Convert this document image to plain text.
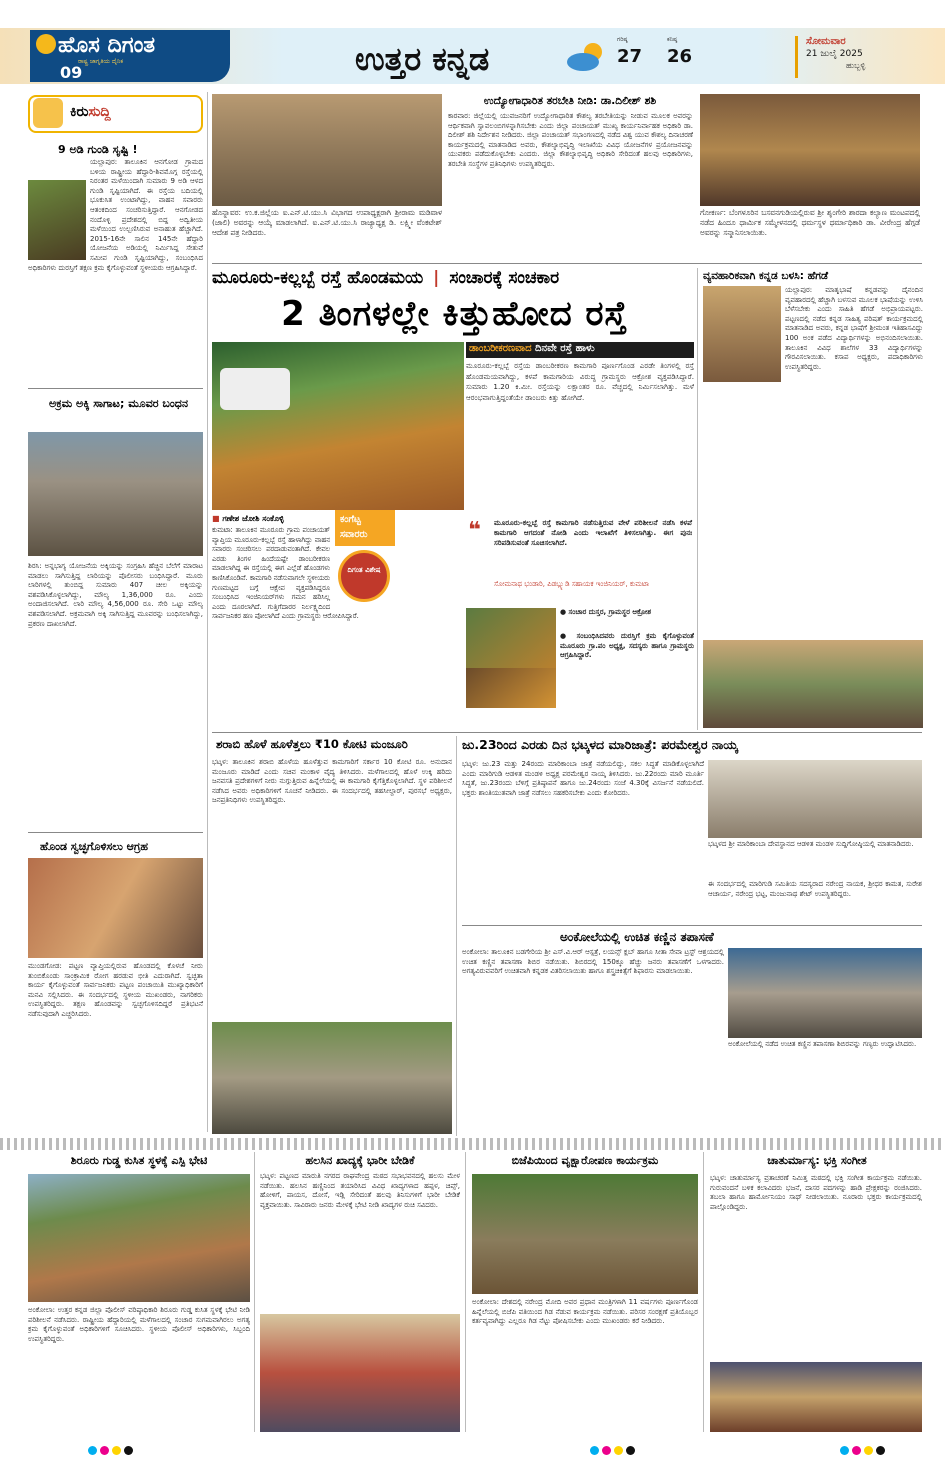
ಹೊಸ ದಿಗಂತ
ರಾಷ್ಟ್ರ ಜಾಗೃತಿಯ ದೈನಿಕ
09	ಉತ್ತರ ಕನ್ನಡ
ಗರಿಷ್ಠ
27
ಕನಿಷ್ಠ
26
ಸೋಮವಾರ
21 ಜುಲೈ 2025
ಹುಬ್ಬಳ್ಳಿ
ಕಿರುಸುದ್ದಿ
9 ಅಡಿ ಗುಂಡಿ ಸೃಷ್ಟಿ !
ಯಲ್ಲಾಪುರ: ತಾಲೂಕಿನ ಆನಗೋಡ ಗ್ರಾಮದ ಬಳಿಯ ರಾಷ್ಟ್ರೀಯ ಹೆದ್ದಾರಿ-ಶಿವಮೊಗ್ಗ ರಸ್ತೆಯಲ್ಲಿ ನಿರಂತರ ಮಳೆಯಿಂದಾಗಿ ಸುಮಾರು 9 ಅಡಿ ಆಳದ ಗುಂಡಿ ಸೃಷ್ಟಿಯಾಗಿದೆ. ಈ ರಸ್ತೆಯ ಬದಿಯಲ್ಲಿ ಭೂಕುಸಿತ ಉಂಟಾಗಿದ್ದು, ವಾಹನ ಸವಾರರು ಆತಂಕದಿಂದ ಸಂಚರಿಸುತ್ತಿದ್ದಾರೆ. ಆನಗೋಡದ ನಂದೊಳ್ಳಿ ಪ್ರದೇಶದಲ್ಲಿ ಬಿದ್ದ ಅದ್ವಿತೀಯ ಮಳೆಯಿಂದ ಉಲ್ಬಣಿಸಿರುವ ಅನಾಹುತ ಹೆಚ್ಚಾಗಿದೆ. 2015-16ನೇ ಸಾಲಿನ 145ನೇ ಹೆದ್ದಾರಿ ಯೋಜನೆಯ ಅಡಿಯಲ್ಲಿ ನಿರ್ಮಿಸಿದ್ದ ಸೇತುವೆ ಸಮೀಪ ಗುಂಡಿ ಸೃಷ್ಟಿಯಾಗಿದ್ದು, ಸಂಬಂಧಿಸಿದ ಅಧಿಕಾರಿಗಳು ದುರಸ್ತಿಗೆ ತಕ್ಷಣ ಕ್ರಮ ಕೈಗೊಳ್ಳುವಂತೆ ಸ್ಥಳೀಯರು ಆಗ್ರಹಿಸಿದ್ದಾರೆ.
ಅಕ್ರಮ ಅಕ್ಕಿ ಸಾಗಾಟ; ಮೂವರ ಬಂಧನ
ಶಿರಸಿ: ಅನ್ನಭಾಗ್ಯ ಯೋಜನೆಯ ಅಕ್ಕಿಯನ್ನು ಸಂಗ್ರಹಿಸಿ ಹೆಚ್ಚಿನ ಬೆಲೆಗೆ ಮಾರಾಟ ಮಾಡಲು ಸಾಗಿಸುತ್ತಿದ್ದ ಲಾರಿಯನ್ನು ಪೊಲೀಸರು ಬಂಧಿಸಿದ್ದಾರೆ. ಮೂರು ಲಾರಿಗಳಲ್ಲಿ ತುಂಬಿದ್ದ ಸುಮಾರು 407 ಚೀಲ ಅಕ್ಕಿಯನ್ನು ವಶಪಡಿಸಿಕೊಳ್ಳಲಾಗಿದ್ದು, ಮೌಲ್ಯ 1,36,000 ರೂ. ಎಂದು ಅಂದಾಜಿಸಲಾಗಿದೆ. ಲಾರಿ ಮೌಲ್ಯ 4,56,000 ರೂ. ಸೇರಿ ಒಟ್ಟು ಮೌಲ್ಯ ವಶಪಡಿಸಲಾಗಿದೆ. ಅಕ್ರಮವಾಗಿ ಅಕ್ಕಿ ಸಾಗಿಸುತ್ತಿದ್ದ ಮೂವರನ್ನು ಬಂಧಿಸಲಾಗಿದ್ದು, ಪ್ರಕರಣ ದಾಖಲಾಗಿದೆ.
ಹೊಂಡ ಸ್ವಚ್ಛಗೊಳಿಸಲು ಆಗ್ರಹ
ಮುಂಡಗೋಡ: ಪಟ್ಟಣ ವ್ಯಾಪ್ತಿಯಲ್ಲಿರುವ ಹೊಂಡದಲ್ಲಿ ಕೊಳಚೆ ನೀರು ತುಂಬಿಕೊಂಡು ಸಾಂಕ್ರಾಮಿಕ ರೋಗ ಹರಡುವ ಭೀತಿ ಎದುರಾಗಿದೆ. ಸ್ವಚ್ಛತಾ ಕಾರ್ಯ ಕೈಗೊಳ್ಳುವಂತೆ ಸಾರ್ವಜನಿಕರು ಪಟ್ಟಣ ಪಂಚಾಯಿತಿ ಮುಖ್ಯಾಧಿಕಾರಿಗೆ ಮನವಿ ಸಲ್ಲಿಸಿದರು. ಈ ಸಂದರ್ಭದಲ್ಲಿ ಸ್ಥಳೀಯ ಮುಖಂಡರು, ನಾಗರಿಕರು ಉಪಸ್ಥಿತರಿದ್ದರು. ತಕ್ಷಣ ಹೊಂಡವನ್ನು ಸ್ವಚ್ಛಗೊಳಿಸದಿದ್ದರೆ ಪ್ರತಿಭಟನೆ ನಡೆಸುವುದಾಗಿ ಎಚ್ಚರಿಸಿದರು.
ಹೊನ್ನಾವರ: ಉ.ಕ.ಜಿಲ್ಲೆಯ ಐ.ಎನ್.ಟಿ.ಯು.ಸಿ ವಿಭಾಗದ ಉಪಾಧ್ಯಕ್ಷರಾಗಿ ಶ್ರೀರಾಮ ಮಡಿವಾಳ (ಜಾಲಿ) ಅವರನ್ನು ಆಯ್ಕೆ ಮಾಡಲಾಗಿದೆ. ಐ.ಎನ್.ಟಿ.ಯು.ಸಿ ರಾಜ್ಯಾಧ್ಯಕ್ಷ ಡಿ. ಲಕ್ಷ್ಮೀ ವೆಂಕಟೇಶ್ ಆದೇಶ ಪತ್ರ ನೀಡಿದರು.
ಉದ್ಯೋಗಾಧಾರಿತ ತರಬೇತಿ ನೀಡಿ: ಡಾ.ದಿಲೀಶ್ ಶಶಿ
ಕಾರವಾರ: ಜಿಲ್ಲೆಯಲ್ಲಿ ಯುವಜನರಿಗೆ ಉದ್ಯೋಗಾಧಾರಿತ ಕೌಶಲ್ಯ ತರಬೇತಿಯನ್ನು ನೀಡುವ ಮೂಲಕ ಅವರನ್ನು ಆರ್ಥಿಕವಾಗಿ ಸ್ವಾವಲಂಬಿಗಳನ್ನಾಗಿಸಬೇಕು ಎಂದು ಜಿಲ್ಲಾ ಪಂಚಾಯತ್ ಮುಖ್ಯ ಕಾರ್ಯನಿರ್ವಾಹಕ ಅಧಿಕಾರಿ ಡಾ. ದಿಲೀಶ್ ಶಶಿ ನಿರ್ದೇಶನ ನೀಡಿದರು. ಜಿಲ್ಲಾ ಪಂಚಾಯತ್ ಸಭಾಂಗಣದಲ್ಲಿ ನಡೆದ ವಿಶ್ವ ಯುವ ಕೌಶಲ್ಯ ದಿನಾಚರಣೆ ಕಾರ್ಯಕ್ರಮದಲ್ಲಿ ಮಾತನಾಡಿದ ಅವರು, ಕೌಶಲ್ಯಾಭಿವೃದ್ಧಿ ಇಲಾಖೆಯ ವಿವಿಧ ಯೋಜನೆಗಳ ಪ್ರಯೋಜನವನ್ನು ಯುವಕರು ಪಡೆದುಕೊಳ್ಳಬೇಕು ಎಂದರು. ಜಿಲ್ಲಾ ಕೌಶಲ್ಯಾಭಿವೃದ್ಧಿ ಅಧಿಕಾರಿ ಸೇರಿದಂತೆ ಹಲವು ಅಧಿಕಾರಿಗಳು, ತರಬೇತಿ ಸಂಸ್ಥೆಗಳ ಪ್ರತಿನಿಧಿಗಳು ಉಪಸ್ಥಿತರಿದ್ದರು.
ಗೋಕರ್ಣ: ಬೆಂಗಳೂರಿನ ಬಸವನಗುಡಿಯಲ್ಲಿರುವ ಶ್ರೀ ಶೃಂಗೇರಿ ಶಾರದಾ ಕಲ್ಯಾಣ ಮಂಟಪದಲ್ಲಿ ನಡೆದ ಹಿಂದೂ ಧಾರ್ಮಿಕ ಸಮ್ಮೇಳನದಲ್ಲಿ ಧರ್ಮಸ್ಥಳ ಧರ್ಮಾಧಿಕಾರಿ ಡಾ. ವೀರೇಂದ್ರ ಹೆಗ್ಗಡೆ ಅವರನ್ನು ಸನ್ಮಾನಿಸಲಾಯಿತು.
ಮೂರೂರು-ಕಲ್ಲಬ್ಬೆ ರಸ್ತೆ ಹೊಂಡಮಯ | ಸಂಚಾರಕ್ಕೆ ಸಂಚಕಾರ
2 ತಿಂಗಳಲ್ಲೇ ಕಿತ್ತುಹೋದ ರಸ್ತೆ
ಡಾಂಬರೀಕರಣವಾದ ದಿನವೇ ರಸ್ತೆ ಹಾಳು
ಮೂರೂರು-ಕಲ್ಲಬ್ಬೆ ರಸ್ತೆಯ ಡಾಂಬರೀಕರಣ ಕಾಮಗಾರಿ ಪೂರ್ಣಗೊಂಡ ಎರಡೇ ತಿಂಗಳಲ್ಲಿ ರಸ್ತೆ ಹೊಂಡಮಯವಾಗಿದ್ದು, ಕಳಪೆ ಕಾಮಗಾರಿಯ ವಿರುದ್ಧ ಗ್ರಾಮಸ್ಥರು ಆಕ್ರೋಶ ವ್ಯಕ್ತಪಡಿಸಿದ್ದಾರೆ. ಸುಮಾರು 1.20 ಕಿ.ಮೀ. ರಸ್ತೆಯನ್ನು ಲಕ್ಷಾಂತರ ರೂ. ವೆಚ್ಚದಲ್ಲಿ ನಿರ್ಮಿಸಲಾಗಿತ್ತು. ಮಳೆ ಆರಂಭವಾಗುತ್ತಿದ್ದಂತೆಯೇ ಡಾಂಬರು ಕಿತ್ತು ಹೋಗಿದೆ.
■ ಗಣೇಶ ಜೋಶಿ ಸಂಕೊಳ್ಳಿ	ಕಂಗೆಟ್ಟ
ಸವಾರರು
ದಿಗಂತ ವಿಶೇಷ
ಕುಮಟಾ: ತಾಲೂಕಿನ ಮೂರೂರು ಗ್ರಾಮ ಪಂಚಾಯತ್ ವ್ಯಾಪ್ತಿಯ ಮೂರೂರು-ಕಲ್ಲಬ್ಬೆ ರಸ್ತೆ ಹಾಳಾಗಿದ್ದು ವಾಹನ ಸವಾರರು ಸಂಚರಿಸಲು ಪರದಾಡುವಂತಾಗಿದೆ. ಕೇವಲ ಎರಡು ತಿಂಗಳ ಹಿಂದೆಯಷ್ಟೇ ಡಾಂಬರೀಕರಣ ಮಾಡಲಾಗಿದ್ದ ಈ ರಸ್ತೆಯಲ್ಲಿ ಈಗ ಎಲ್ಲೆಡೆ ಹೊಂಡಗಳು ಕಾಣಿಸಿಕೊಂಡಿವೆ. ಕಾಮಗಾರಿ ನಡೆಸುವಾಗಲೇ ಸ್ಥಳೀಯರು ಗುಣಮಟ್ಟದ ಬಗ್ಗೆ ಆಕ್ಷೇಪ ವ್ಯಕ್ತಪಡಿಸಿದ್ದರೂ ಸಂಬಂಧಿಸಿದ ಇಂಜಿನಿಯರ್‌ಗಳು ಗಮನ ಹರಿಸಿಲ್ಲ ಎಂದು ದೂರಲಾಗಿದೆ. ಗುತ್ತಿಗೆದಾರರ ನಿರ್ಲಕ್ಷ್ಯದಿಂದ ಸಾರ್ವಜನಿಕರ ಹಣ ಪೋಲಾಗಿದೆ ಎಂದು ಗ್ರಾಮಸ್ಥರು ಆರೋಪಿಸಿದ್ದಾರೆ.
❝ ಮೂರೂರು-ಕಲ್ಲಬ್ಬೆ ರಸ್ತೆ ಕಾಮಗಾರಿ ನಡೆಸುತ್ತಿರುವ ವೇಳೆ ಪರಿಶೀಲನೆ ನಡೆಸಿ ಕಳಪೆ ಕಾಮಗಾರಿ ಆಗದಂತೆ ನೋಡಿ ಎಂದು ಇಲಾಖೆಗೆ ತಿಳಿಸಲಾಗಿತ್ತು. ಈಗ ಪುನಃ ಸರಿಪಡಿಸುವಂತೆ ಸೂಚಿಸಲಾಗಿದೆ.
ಸೋಮನಾಥ ಭಂಡಾರಿ, ಪಿಡಬ್ಲ್ಯುಡಿ ಸಹಾಯಕ ಇಂಜಿನಿಯರ್, ಕುಮಟಾ
● ಸಂಚಾರ ದುಸ್ತರ, ಗ್ರಾಮಸ್ಥರ ಆಕ್ರೋಶ
● ಸಂಬಂಧಿಸಿದವರು ದುರಸ್ತಿಗೆ ಕ್ರಮ ಕೈಗೊಳ್ಳುವಂತೆ ಮೂರೂರು ಗ್ರಾ.ಪಂ ಅಧ್ಯಕ್ಷ, ಸದಸ್ಯರು ಹಾಗೂ ಗ್ರಾಮಸ್ಥರು ಆಗ್ರಹಿಸಿದ್ದಾರೆ.
ವ್ಯವಹಾರಿಕವಾಗಿ ಕನ್ನಡ ಬಳಸಿ: ಹೆಗಡೆ
ಯಲ್ಲಾಪುರ: ಮಾತೃಭಾಷೆ ಕನ್ನಡವನ್ನು ದೈನಂದಿನ ವ್ಯವಹಾರದಲ್ಲಿ ಹೆಚ್ಚಾಗಿ ಬಳಸುವ ಮೂಲಕ ಭಾಷೆಯನ್ನು ಉಳಿಸಿ ಬೆಳೆಸಬೇಕು ಎಂದು ಸಾಹಿತಿ ಹೆಗಡೆ ಅಭಿಪ್ರಾಯಪಟ್ಟರು. ಪಟ್ಟಣದಲ್ಲಿ ನಡೆದ ಕನ್ನಡ ಸಾಹಿತ್ಯ ಪರಿಷತ್ ಕಾರ್ಯಕ್ರಮದಲ್ಲಿ ಮಾತನಾಡಿದ ಅವರು, ಕನ್ನಡ ಭಾಷೆಗೆ ಶ್ರೀಮಂತ ಇತಿಹಾಸವಿದ್ದು 100 ಅಂಕ ಪಡೆದ ವಿದ್ಯಾರ್ಥಿಗಳನ್ನು ಅಭಿನಂದಿಸಲಾಯಿತು. ತಾಲೂಕಿನ ವಿವಿಧ ಶಾಲೆಗಳ 33 ವಿದ್ಯಾರ್ಥಿಗಳನ್ನು ಗೌರವಿಸಲಾಯಿತು. ಕಸಾಪ ಅಧ್ಯಕ್ಷರು, ಪದಾಧಿಕಾರಿಗಳು ಉಪಸ್ಥಿತರಿದ್ದರು.
ಶರಾಬಿ ಹೊಳೆ ಹೂಳೆತ್ತಲು ₹10 ಕೋಟಿ ಮಂಜೂರಿ
ಭಟ್ಕಳ: ತಾಲೂಕಿನ ಶರಾಬಿ ಹೊಳೆಯ ಹೂಳೆತ್ತುವ ಕಾಮಗಾರಿಗೆ ಸರ್ಕಾರ 10 ಕೋಟಿ ರೂ. ಅನುದಾನ ಮಂಜೂರು ಮಾಡಿದೆ ಎಂದು ಸಚಿವ ಮಂಕಾಳ ವೈದ್ಯ ತಿಳಿಸಿದರು. ಮಳೆಗಾಲದಲ್ಲಿ ಹೊಳೆ ಉಕ್ಕಿ ಹರಿದು ಜನವಸತಿ ಪ್ರದೇಶಗಳಿಗೆ ನೀರು ನುಗ್ಗುತ್ತಿರುವ ಹಿನ್ನೆಲೆಯಲ್ಲಿ ಈ ಕಾಮಗಾರಿ ಕೈಗೆತ್ತಿಕೊಳ್ಳಲಾಗಿದೆ. ಸ್ಥಳ ಪರಿಶೀಲನೆ ನಡೆಸಿದ ಅವರು ಅಧಿಕಾರಿಗಳಿಗೆ ಸೂಚನೆ ನೀಡಿದರು. ಈ ಸಂದರ್ಭದಲ್ಲಿ ತಹಸೀಲ್ದಾರ್, ಪುರಸಭೆ ಅಧ್ಯಕ್ಷರು, ಜನಪ್ರತಿನಿಧಿಗಳು ಉಪಸ್ಥಿತರಿದ್ದರು.
ಜು.23ರಿಂದ ಎರಡು ದಿನ ಭಟ್ಕಳದ ಮಾರಿಜಾತ್ರೆ: ಪರಮೇಶ್ವರ ನಾಯ್ಕ
ಭಟ್ಕಳ: ಜು.23 ಮತ್ತು 24ರಂದು ಮಾರಿಕಾಂಬಾ ಜಾತ್ರೆ ನಡೆಯಲಿದ್ದು, ಸಕಲ ಸಿದ್ಧತೆ ಮಾಡಿಕೊಳ್ಳಲಾಗಿದೆ ಎಂದು ಮಾರಿಗುಡಿ ಆಡಳಿತ ಮಂಡಳಿ ಅಧ್ಯಕ್ಷ ಪರಮೇಶ್ವರ ನಾಯ್ಕ ತಿಳಿಸಿದರು. ಜು.22ರಂದು ಮಾರಿ ಮೂರ್ತಿ ಸಿದ್ಧತೆ, ಜು.23ರಂದು ಬೆಳಿಗ್ಗೆ ಪ್ರತಿಷ್ಠಾಪನೆ ಹಾಗೂ ಜು.24ರಂದು ಸಂಜೆ 4.30ಕ್ಕೆ ವಿಸರ್ಜನೆ ನಡೆಯಲಿದೆ. ಭಕ್ತರು ಶಾಂತಿಯುತವಾಗಿ ಜಾತ್ರೆ ನಡೆಸಲು ಸಹಕರಿಸಬೇಕು ಎಂದು ಕೋರಿದರು.
ಭಟ್ಕಳದ ಶ್ರೀ ಮಾರಿಕಾಂಬಾ ದೇವಸ್ಥಾನದ ಆಡಳಿತ ಮಂಡಳಿ ಸುದ್ದಿಗೋಷ್ಠಿಯಲ್ಲಿ ಮಾತನಾಡಿದರು.
ಈ ಸಂದರ್ಭದಲ್ಲಿ ಮಾರಿಗುಡಿ ಸಮಿತಿಯ ಸದಸ್ಯರಾದ ನರೇಂದ್ರ ನಾಯಕ, ಶ್ರೀಧರ ಕಾಮತ, ಸುರೇಶ ಆಚಾರ್ಯ, ನರೇಂದ್ರ ಭಟ್ಟ, ಮಂಜುನಾಥ ಶೇಟ್ ಉಪಸ್ಥಿತರಿದ್ದರು.
ಅಂಕೋಲೆಯಲ್ಲಿ ಉಚಿತ ಕಣ್ಣಿನ ತಪಾಸಣೆ
ಅಂಕೋಲಾ: ತಾಲೂಕಿನ ಬಡಗೇರಿಯ ಶ್ರೀ ಎಸ್.ವಿ.ಆರ್ ಆಸ್ಪತ್ರೆ, ಲಯನ್ಸ್ ಕ್ಲಬ್ ಹಾಗೂ ಸೀತಾ ಸೇವಾ ಟ್ರಸ್ಟ್ ಆಶ್ರಯದಲ್ಲಿ ಉಚಿತ ಕಣ್ಣಿನ ತಪಾಸಣಾ ಶಿಬಿರ ನಡೆಯಿತು. ಶಿಬಿರದಲ್ಲಿ 150ಕ್ಕೂ ಹೆಚ್ಚು ಜನರು ತಪಾಸಣೆಗೆ ಒಳಗಾದರು. ಅಗತ್ಯವಿರುವವರಿಗೆ ಉಚಿತವಾಗಿ ಕನ್ನಡಕ ವಿತರಿಸಲಾಯಿತು ಹಾಗೂ ಶಸ್ತ್ರಚಿಕಿತ್ಸೆಗೆ ಶಿಫಾರಸು ಮಾಡಲಾಯಿತು.
ಅಂಕೋಲೆಯಲ್ಲಿ ನಡೆದ ಉಚಿತ ಕಣ್ಣಿನ ತಪಾಸಣಾ ಶಿಬಿರವನ್ನು ಗಣ್ಯರು ಉದ್ಘಾಟಿಸಿದರು.
ಶಿರೂರು ಗುಡ್ಡ ಕುಸಿತ ಸ್ಥಳಕ್ಕೆ ಎಸ್ಪಿ ಭೇಟಿ
ಅಂಕೋಲಾ: ಉತ್ತರ ಕನ್ನಡ ಜಿಲ್ಲಾ ಪೊಲೀಸ್ ವರಿಷ್ಠಾಧಿಕಾರಿ ಶಿರೂರು ಗುಡ್ಡ ಕುಸಿತ ಸ್ಥಳಕ್ಕೆ ಭೇಟಿ ನೀಡಿ ಪರಿಶೀಲನೆ ನಡೆಸಿದರು. ರಾಷ್ಟ್ರೀಯ ಹೆದ್ದಾರಿಯಲ್ಲಿ ಮಳೆಗಾಲದಲ್ಲಿ ಸಂಚಾರ ಸುಗಮವಾಗಿರಲು ಅಗತ್ಯ ಕ್ರಮ ಕೈಗೊಳ್ಳುವಂತೆ ಅಧಿಕಾರಿಗಳಿಗೆ ಸೂಚಿಸಿದರು. ಸ್ಥಳೀಯ ಪೊಲೀಸ್ ಅಧಿಕಾರಿಗಳು, ಸಿಬ್ಬಂದಿ ಉಪಸ್ಥಿತರಿದ್ದರು.
ಹಲಸಿನ ಖಾದ್ಯಕ್ಕೆ ಭಾರೀ ಬೇಡಿಕೆ
ಭಟ್ಕಳ: ಪಟ್ಟಣದ ಮಾರುತಿ ನಗರದ ರಾಘವೇಂದ್ರ ಮಠದ ಸಭಾಭವನದಲ್ಲಿ ಹಲಸು ಮೇಳ ನಡೆಯಿತು. ಹಲಸಿನ ಹಣ್ಣಿನಿಂದ ತಯಾರಿಸಿದ ವಿವಿಧ ಖಾದ್ಯಗಳಾದ ಹಪ್ಪಳ, ಚಿಪ್ಸ್, ಹೋಳಿಗೆ, ಪಾಯಸ, ದೋಸೆ, ಇಡ್ಲಿ ಸೇರಿದಂತೆ ಹಲವು ತಿನಿಸುಗಳಿಗೆ ಭಾರೀ ಬೇಡಿಕೆ ವ್ಯಕ್ತವಾಯಿತು. ಸಾವಿರಾರು ಜನರು ಮೇಳಕ್ಕೆ ಭೇಟಿ ನೀಡಿ ಖಾದ್ಯಗಳ ರುಚಿ ಸವಿದರು.
ಬಿಜೆಪಿಯಿಂದ ವೃಕ್ಷಾರೋಪಣ ಕಾರ್ಯಕ್ರಮ
ಅಂಕೋಲಾ: ದೇಶದಲ್ಲಿ ನರೇಂದ್ರ ಮೋದಿ ಅವರ ಪ್ರಧಾನ ಮಂತ್ರಿಗಳಾಗಿ 11 ವರ್ಷಗಳು ಪೂರ್ಣಗೊಂಡ ಹಿನ್ನೆಲೆಯಲ್ಲಿ ಬಿಜೆಪಿ ವತಿಯಿಂದ ಗಿಡ ನೆಡುವ ಕಾರ್ಯಕ್ರಮ ನಡೆಯಿತು. ಪರಿಸರ ಸಂರಕ್ಷಣೆ ಪ್ರತಿಯೊಬ್ಬರ ಕರ್ತವ್ಯವಾಗಿದ್ದು ಎಲ್ಲರೂ ಗಿಡ ನೆಟ್ಟು ಪೋಷಿಸಬೇಕು ಎಂದು ಮುಖಂಡರು ಕರೆ ನೀಡಿದರು.
ಚಾತುರ್ಮಾಸ್ಯ: ಭಕ್ತಿ ಸಂಗೀತ
ಭಟ್ಕಳ: ಚಾತುರ್ಮಾಸ್ಯ ವ್ರತಾಚರಣೆ ನಿಮಿತ್ತ ಮಠದಲ್ಲಿ ಭಕ್ತಿ ಸಂಗೀತ ಕಾರ್ಯಕ್ರಮ ನಡೆಯಿತು. ಗುರುವಂದನೆ ಬಳಿಕ ಕಲಾವಿದರು ಭಜನೆ, ದಾಸರ ಪದಗಳನ್ನು ಹಾಡಿ ಪ್ರೇಕ್ಷಕರನ್ನು ರಂಜಿಸಿದರು. ತಬಲಾ ಹಾಗೂ ಹಾರ್ಮೋನಿಯಂ ಸಾಥ್ ನೀಡಲಾಯಿತು. ನೂರಾರು ಭಕ್ತರು ಕಾರ್ಯಕ್ರಮದಲ್ಲಿ ಪಾಲ್ಗೊಂಡಿದ್ದರು.
